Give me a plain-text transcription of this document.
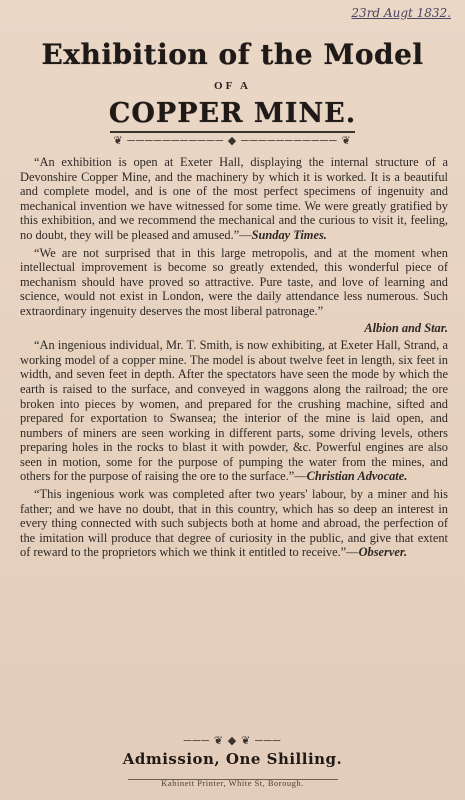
23rd Augt 1832.
Exhibition of the Model
OF A
COPPER MINE.
❦ ─────────── ◆ ─────────── ❦

“An exhibition is open at Exeter Hall, displaying the internal structure of a Devonshire Copper Mine, and the machinery by which it is worked. It is a beautiful and complete model, and is one of the most perfect specimens of ingenuity and mechanical invention we have witnessed for some time. We were greatly gratified by this exhibition, and we recommend the mechanical and the curious to visit it, feeling, no doubt, they will be pleased and amused.”—Sunday Times.

“We are not surprised that in this large metropolis, and at the moment when intellectual improvement is become so greatly extended, this wonderful piece of mechanism should have proved so attractive. Pure taste, and love of learning and science, would not exist in London, were the daily attendance less numerous. Such extraordinary ingenuity deserves the most liberal patronage.”

Albion and Star.

“An ingenious individual, Mr. T. Smith, is now exhibiting, at Exeter Hall, Strand, a working model of a copper mine. The model is about twelve feet in length, six feet in width, and seven feet in depth. After the spectators have seen the mode by which the earth is raised to the surface, and conveyed in waggons along the railroad; the ore broken into pieces by women, and prepared for the crushing machine, sifted and prepared for exportation to Swansea; the interior of the mine is laid open, and numbers of miners are seen working in different parts, some driving levels, others preparing holes in the rocks to blast it with powder, &c. Powerful engines are also seen in motion, some for the purpose of pumping the water from the mines, and others for the purpose of raising the ore to the surface.”—Christian Advocate.

“This ingenious work was completed after two years' labour, by a miner and his father; and we have no doubt, that in this country, which has so deep an interest in every thing connected with such subjects both at home and abroad, the perfection of the imitation will produce that degree of curiosity in the public, and give that extent of reward to the proprietors which we think it entitled to receive.”—Observer.

─── ❦ ◆ ❦ ───
Admission, One Shilling.
Kabinett Printer, White St, Borough.
